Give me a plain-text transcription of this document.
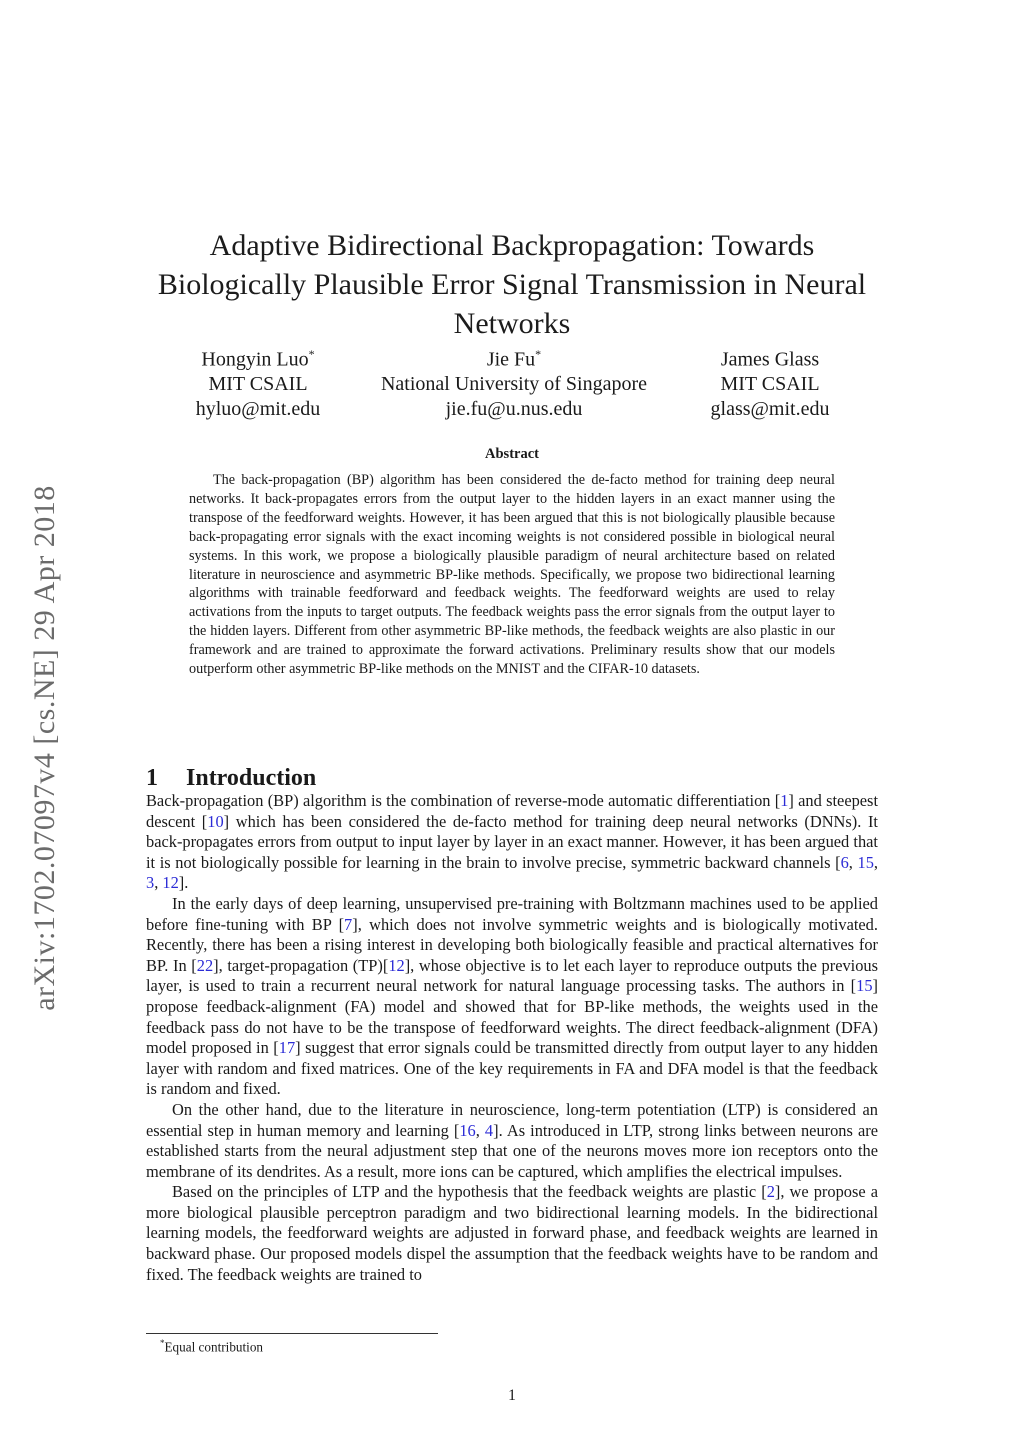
arXiv:1702.07097v4 [cs.NE] 29 Apr 2018
Adaptive Bidirectional Backpropagation: Towards Biologically Plausible Error Signal Transmission in Neural Networks
Hongyin Luo*
MIT CSAIL
hyluo@mit.edu
Jie Fu*
National University of Singapore
jie.fu@u.nus.edu
James Glass
MIT CSAIL
glass@mit.edu
Abstract

The back-propagation (BP) algorithm has been considered the de-facto method for training deep neural networks. It back-propagates errors from the output layer to the hidden layers in an exact manner using the transpose of the feedforward weights. However, it has been argued that this is not biologically plausible because back-propagating error signals with the exact incoming weights is not considered possible in biological neural systems. In this work, we propose a biologically plausible paradigm of neural architecture based on related literature in neuroscience and asymmetric BP-like methods. Specifically, we propose two bidirectional learning algorithms with trainable feedforward and feedback weights. The feedforward weights are used to relay activations from the inputs to target outputs. The feedback weights pass the error signals from the output layer to the hidden layers. Different from other asymmetric BP-like methods, the feedback weights are also plastic in our framework and are trained to approximate the forward activations. Preliminary results show that our models outperform other asymmetric BP-like methods on the MNIST and the CIFAR-10 datasets.

1 Introduction

Back-propagation (BP) algorithm is the combination of reverse-mode automatic differentiation [1] and steepest descent [10] which has been considered the de-facto method for training deep neural networks (DNNs). It back-propagates errors from output to input layer by layer in an exact manner. However, it has been argued that it is not biologically possible for learning in the brain to involve precise, symmetric backward channels [6, 15, 3, 12].

In the early days of deep learning, unsupervised pre-training with Boltzmann machines used to be applied before fine-tuning with BP [7], which does not involve symmetric weights and is biologically motivated. Recently, there has been a rising interest in developing both biologically feasible and practical alternatives for BP. In [22], target-propagation (TP)[12], whose objective is to let each layer to reproduce outputs the previous layer, is used to train a recurrent neural network for natural language processing tasks. The authors in [15] propose feedback-alignment (FA) model and showed that for BP-like methods, the weights used in the feedback pass do not have to be the transpose of feedforward weights. The direct feedback-alignment (DFA) model proposed in [17] suggest that error signals could be transmitted directly from output layer to any hidden layer with random and fixed matrices. One of the key requirements in FA and DFA model is that the feedback is random and fixed.

On the other hand, due to the literature in neuroscience, long-term potentiation (LTP) is considered an essential step in human memory and learning [16, 4]. As introduced in LTP, strong links between neurons are established starts from the neural adjustment step that one of the neurons moves more ion receptors onto the membrane of its dendrites. As a result, more ions can be captured, which amplifies the electrical impulses.

Based on the principles of LTP and the hypothesis that the feedback weights are plastic [2], we propose a more biological plausible perceptron paradigm and two bidirectional learning models. In the bidirectional learning models, the feedforward weights are adjusted in forward phase, and feedback weights are learned in backward phase. Our proposed models dispel the assumption that the feedback weights have to be random and fixed. The feedback weights are trained to

*Equal contribution
1
